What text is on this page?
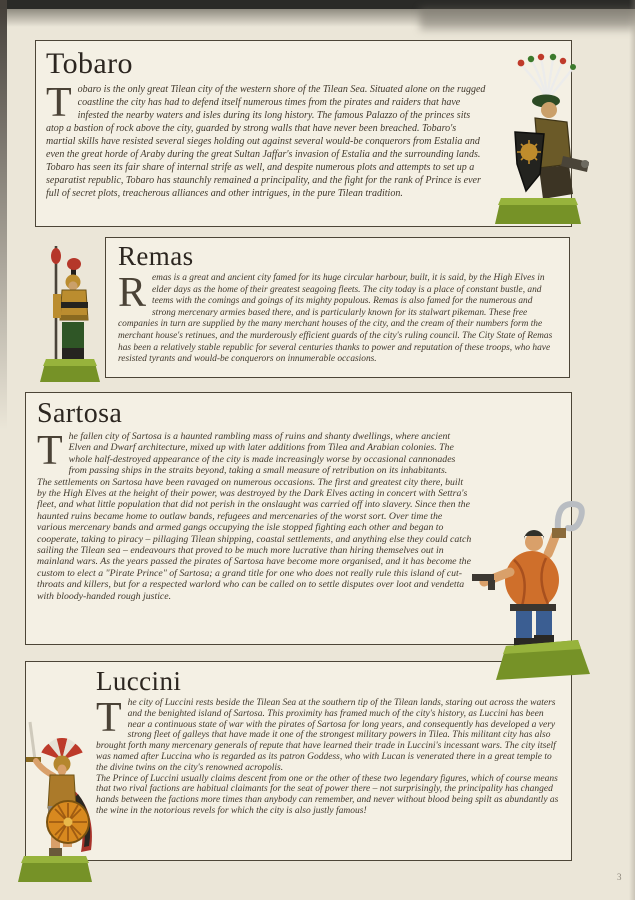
Tobaro

Tobaro is the only great Tilean city of the western shore of the Tilean Sea. Situated alone on the rugged coastline the city has had to defend itself numerous times from the pirates and raiders that have infested the nearby waters and isles during its long history. The famous Palazzo of the princes sits atop a bastion of rock above the city, guarded by strong walls that have never been breached. Tobaro's martial skills have resisted several sieges holding out against several would-be conquerors from Estalia and even the great horde of Araby during the great Sultan Jaffar's invasion of Estalia and the surrounding lands. Tobaro has seen its fair share of internal strife as well, and despite numerous plots and attempts to set up a separatist republic, Tobaro has staunchly remained a principality, and the fight for the rank of Prince is ever full of secret plots, treacherous alliances and other intrigues, in the pure Tilean tradition.

Remas

Remas is a great and ancient city famed for its huge circular harbour, built, it is said, by the High Elves in elder days as the home of their greatest seagoing fleets. The city today is a place of constant bustle, and teems with the comings and goings of its mighty populous. Remas is also famed for the numerous and strong mercenary armies based there, and is particularly known for its stalwart pikeman. These free companies in turn are supplied by the many merchant houses of the city, and the cream of their numbers form the merchant house's retinues, and the murderously efficient guards of the city's ruling council. The City State of Remas has been a relatively stable republic for several centuries thanks to power and reputation of these troops, who have resisted tyrants and would-be conquerors on innumerable occasions.

Sartosa

The fallen city of Sartosa is a haunted rambling mass of ruins and shanty dwellings, where ancient Elven and Dwarf architecture, mixed up with later additions from Tilea and Arabian colonies. The whole half-destroyed appearance of the city is made increasingly worse by occasional cannonades from passing ships in the straits beyond, taking a small measure of retribution on its inhabitants.

The settlements on Sartosa have been ravaged on numerous occasions. The first and greatest city there, built by the High Elves at the height of their power, was destroyed by the Dark Elves acting in concert with Settra's fleet, and what little population that did not perish in the onslaught was carried off into slavery. Since then the haunted ruins became home to outlaw bands, refugees and mercenaries of the worst sort. Over time the various mercenary bands and armed gangs occupying the isle stopped fighting each other and began to cooperate, taking to piracy – pillaging Tilean shipping, coastal settlements, and anything else they could catch sailing the Tilean sea – endeavours that proved to be much more lucrative than hiring themselves out in mainland wars. As the years passed the pirates of Sartosa have become more organised, and it has become the custom to elect a "Pirate Prince" of Sartosa; a grand title for one who does not really rule this island of cut-throats and killers, but for a respected warlord who can be called on to settle disputes over loot and vendetta with bloody-handed rough justice.

Luccini

The city of Luccini rests beside the Tilean Sea at the southern tip of the Tilean lands, staring out across the waters and the benighted island of Sartosa. This proximity has framed much of the city's history, as Luccini has been near a continuous state of war with the pirates of Sartosa for long years, and consequently has developed a very strong fleet of galleys that have made it one of the strongest military powers in Tilea. This militant city has also brought forth many mercenary generals of repute that have learned their trade in Luccini's incessant wars. The city itself was named after Luccina who is regarded as its patron Goddess, who with Lucan is venerated there in a great temple to the divine twins on the city's renowned acropolis.

The Prince of Luccini usually claims descent from one or the other of these two legendary figures, which of course means that two rival factions are habitual claimants for the seat of power there – not surprisingly, the principality has changed hands between the factions more times than anybody can remember, and never without blood being spilt as abundantly as the wine in the notorious revels for which the city is also justly famous!

3
